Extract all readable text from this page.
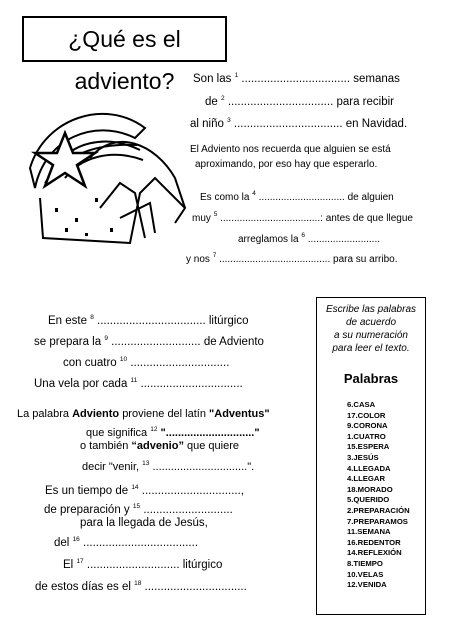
¿Qué es el adviento?	Son las $^1$ .................................. semanas
de $^2$ ................................. para recibir
al niño $^3$ .................................. en Navidad.
El Adviento nos recuerda que alguien se está
aproximando, por eso hay que esperarlo.
Es como la $^4$ ............................... de alguien
muy $^5$ ....................................: antes de que llegue
arreglamos la $^6$ ..........................
y nos $^7$ ........................................ para su arribo.
En este $^8$ .................................. litúrgico
se prepara la $^9$ ............................ de Adviento
con cuatro $^{10}$ ...............................
Una vela por cada $^{11}$ ................................
La palabra Adviento proviene del latín "Adventus"
que significa $^{12}$ "............................."
o también “advenio” que quiere
decir "venir, $^{13}$ ...............................".
Es un tiempo de $^{14}$ ...............................,
de preparación y $^{15}$ ............................
para la llegada de Jesús,
del $^{16}$ ....................................
El $^{17}$ ............................. litúrgico
de estos días es el $^{18}$ ................................
Escribe las palabras
de acuerdo
a su numeración
para leer el texto.
Palabras
6.CASA
17.COLOR
9.CORONA
1.CUATRO
15.ESPERA
3.JESÚS
4.LLEGADA
4.LLEGAR
18.MORADO
5.QUERIDO
2.PREPARACIÓN
7.PREPARAMOS
11.SEMANA
16.REDENTOR
14.REFLEXIÓN
8.TIEMPO
10.VELAS
12.VENIDA
